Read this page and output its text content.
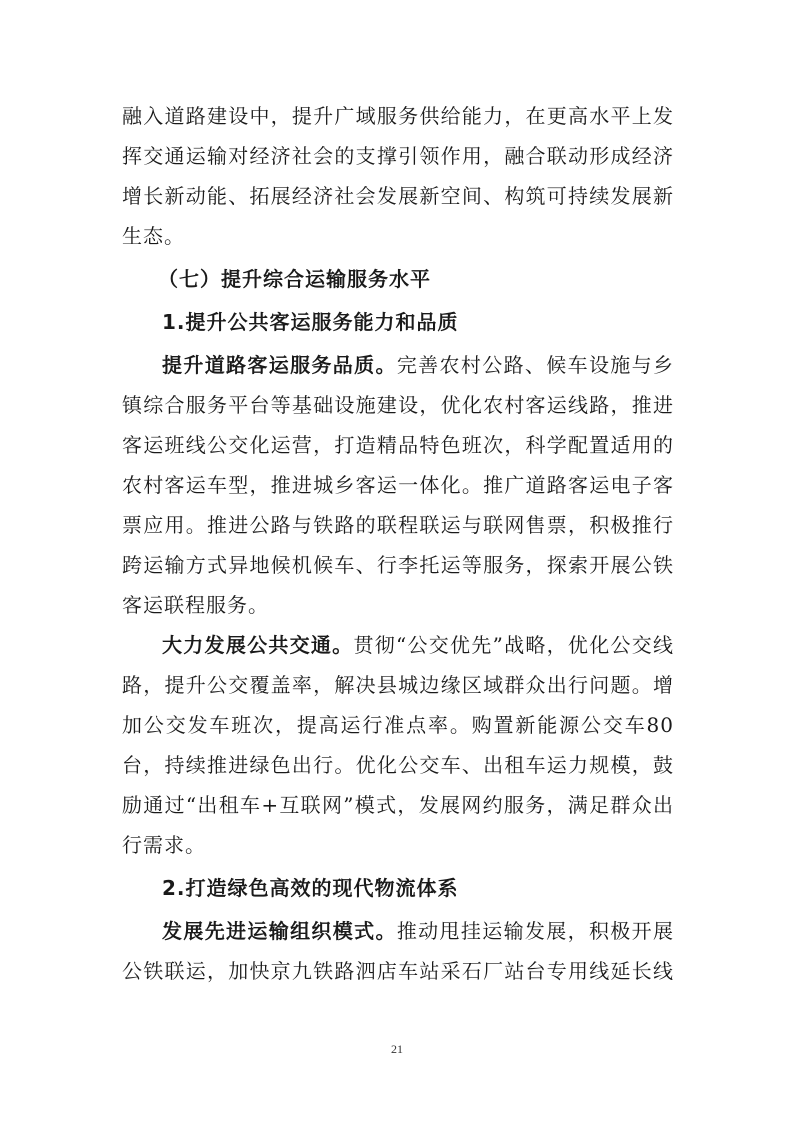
融入道路建设中，提升广域服务供给能力，在更高水平上发挥交通运输对经济社会的支撑引领作用，融合联动形成经济增长新动能、拓展经济社会发展新空间、构筑可持续发展新生态。

（七）提升综合运输服务水平
1.提升公共客运服务能力和品质

提升道路客运服务品质。完善农村公路、候车设施与乡镇综合服务平台等基础设施建设，优化农村客运线路，推进客运班线公交化运营，打造精品特色班次，科学配置适用的农村客运车型，推进城乡客运一体化。推广道路客运电子客票应用。推进公路与铁路的联程联运与联网售票，积极推行跨运输方式异地候机候车、行李托运等服务，探索开展公铁客运联程服务。

大力发展公共交通。贯彻“公交优先”战略，优化公交线路，提升公交覆盖率，解决县城边缘区域群众出行问题。增加公交发车班次，提高运行准点率。购置新能源公交车80台，持续推进绿色出行。优化公交车、出租车运力规模，鼓励通过“出租车+互联网”模式，发展网约服务，满足群众出行需求。

2.打造绿色高效的现代物流体系

发展先进运输组织模式。推动甩挂运输发展，积极开展公铁联运，加快京九铁路泗店车站采石厂站台专用线延长线

21
